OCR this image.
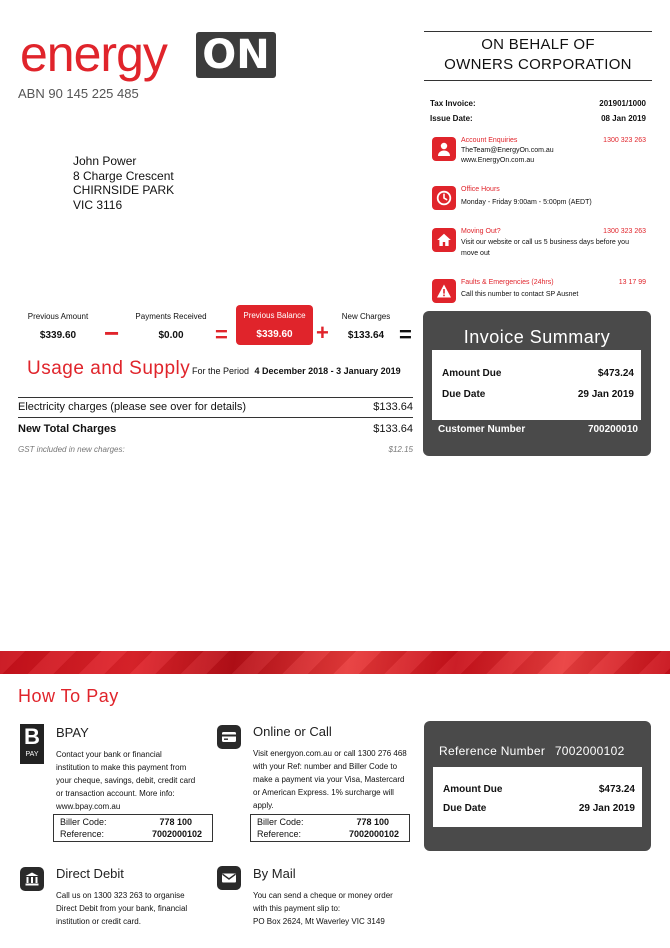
energy ON
ABN 90 145 225 485
ON BEHALF OF
OWNERS CORPORATION
Tax Invoice:	201901/1000
Issue Date:	08 Jan 2019
John Power
8 Charge Crescent
CHIRNSIDE PARK
VIC 3116
Account Enquiries	1300 323 263
TheTeam@EnergyOn.com.au
www.EnergyOn.com.au
Office Hours
Monday - Friday 9:00am - 5:00pm (AEDT)
Moving Out?	1300 323 263
Visit our website or call us 5 business days before you
move out
Faults & Emergencies (24hrs)	13 17 99
Call this number to contact SP Ausnet
Previous Amount
$339.60	−
Payments Received
$0.00	=
Previous Balance
$339.60	+
New Charges
$133.64 =
Usage and Supply For the Period 4 December 2018 - 3 January 2019
Electricity charges (please see over for details)	$133.64
New Total Charges	$133.64
GST included in new charges:	$12.15
Invoice Summary
Amount Due	$473.24
Due Date	29 Jan 2019
Customer Number	700200010
How To Pay
B
PAY
BPAY
Contact your bank or financial
institution to make this payment from
your cheque, savings, debit, credit card
or transaction account. More info:
www.bpay.com.au
Biller Code:	778 100
Reference:	7002000102
Online or Call
Visit energyon.com.au or call 1300 276 468
with your Ref: number and Biller Code to
make a payment via your Visa, Mastercard
or American Express. 1% surcharge will
apply.
Biller Code:	778 100
Reference:	7002000102
Direct Debit
Call us on 1300 323 263 to organise
Direct Debit from your bank, financial
institution or credit card.
By Mail
You can send a cheque or money order
with this payment slip to:
PO Box 2624, Mt Waverley VIC 3149
Reference Number 7002000102
Amount Due	$473.24
Due Date	29 Jan 2019
